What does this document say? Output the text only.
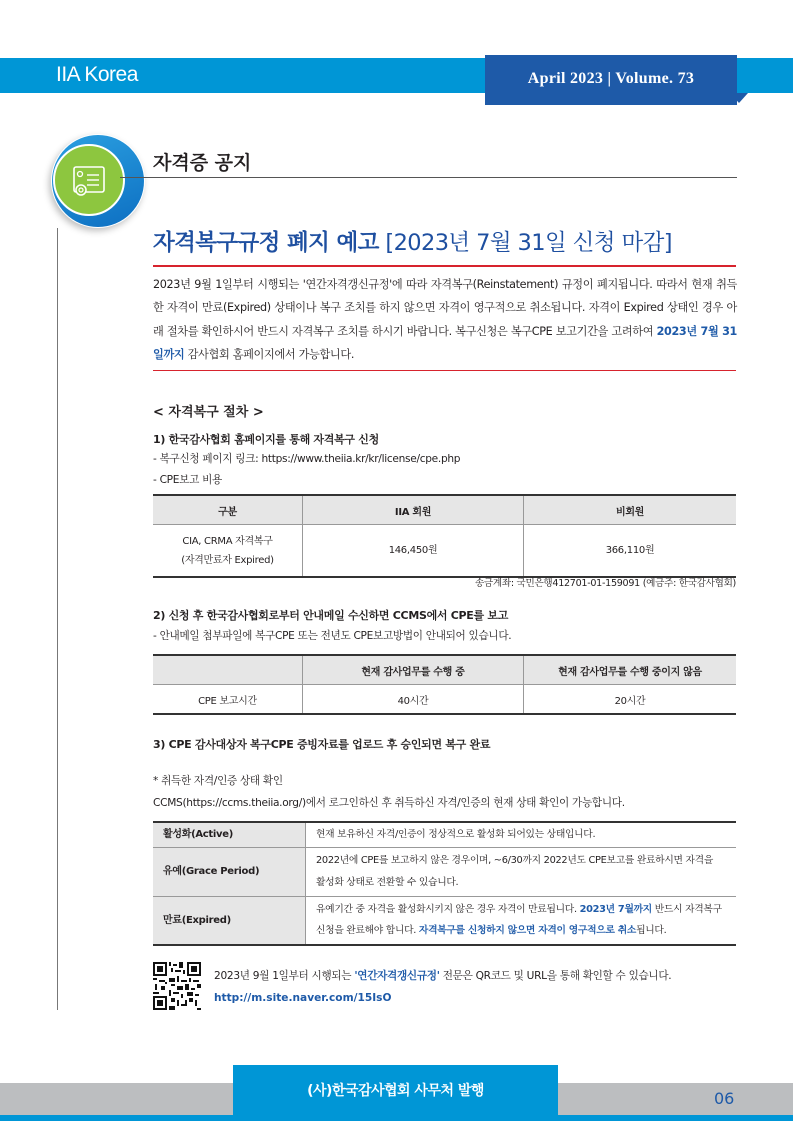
IIA Korea	April 2023 | Volume. 73
자격증 공지
자격복구규정 폐지 예고 [2023년 7월 31일 신청 마감]
2023년 9월 1일부터 시행되는 '연간자격갱신규정'에 따라 자격복구(Reinstatement) 규정이 폐지됩니다. 따라서 현재 취득한 자격이 만료(Expired) 상태이나 복구 조치를 하지 않으면 자격이 영구적으로 취소됩니다. 자격이 Expired 상태인 경우 아래 절차를 확인하시어 반드시 자격복구 조치를 하시기 바랍니다. 복구신청은 복구CPE 보고기간을 고려하여 2023년 7월 31일까지 감사협회 홈페이지에서 가능합니다.
< 자격복구 절차 >
1) 한국감사협회 홈페이지를 통해 자격복구 신청
- 복구신청 페이지 링크: https://www.theiia.kr/kr/license/cpe.php
- CPE보고 비용
구분	IIA 회원	비회원
CIA, CRMA 자격복구
(자격만료자 Expired)	146,450원	366,110원
송금계좌: 국민은행412701-01-159091 (예금주: 한국감사협회)
2) 신청 후 한국감사협회로부터 안내메일 수신하면 CCMS에서 CPE를 보고
- 안내메일 첨부파일에 복구CPE 또는 전년도 CPE보고방법이 안내되어 있습니다.
	현재 감사업무를 수행 중	현재 감사업무를 수행 중이지 않음
CPE 보고시간	40시간	20시간
3) CPE 감사대상자 복구CPE 증빙자료를 업로드 후 승인되면 복구 완료
* 취득한 자격/인증 상태 확인
CCMS(https://ccms.theiia.org/)에서 로그인하신 후 취득하신 자격/인증의 현재 상태 확인이 가능합니다.
활성화(Active)	현재 보유하신 자격/인증이 정상적으로 활성화 되어있는 상태입니다.
유예(Grace Period)	2022년에 CPE를 보고하지 않은 경우이며, ~6/30까지 2022년도 CPE보고를 완료하시면 자격을
활성화 상태로 전환할 수 있습니다.
만료(Expired)	유예기간 중 자격을 활성화시키지 않은 경우 자격이 만료됩니다. 2023년 7월까지 반드시 자격복구
신청을 완료해야 합니다. 자격복구를 신청하지 않으면 자격이 영구적으로 취소됩니다.
2023년 9월 1일부터 시행되는 '연간자격갱신규정' 전문은 QR코드 및 URL을 통해 확인할 수 있습니다.
http://m.site.naver.com/15IsO
(사)한국감사협회 사무처 발행	06
